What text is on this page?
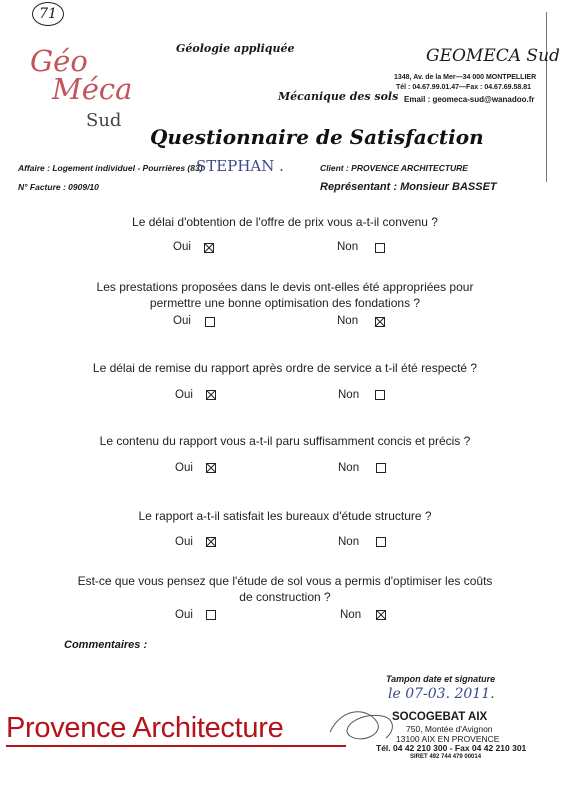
71
Géo
Méca
Sud
Géologie appliquée
Mécanique des sols
GEOMECA Sud
1348, Av. de la Mer—34 000 MONTPELLIER
Tél : 04.67.99.01.47—Fax : 04.67.69.58.81
Email : geomeca-sud@wanadoo.fr
Questionnaire de Satisfaction
Affaire : Logement individuel - Pourrières (83)
STEPHAN .
N° Facture : 0909/10
Client : PROVENCE ARCHITECTURE
Représentant : Monsieur BASSET
Le délai d'obtention de l'offre de prix vous a-t-il convenu ?
Oui	Non
Les prestations proposées dans le devis ont-elles été appropriées pour permettre une bonne optimisation des fondations ?
Oui	Non
Le délai de remise du rapport après ordre de service a t-il été respecté ?
Oui	Non
Le contenu du rapport vous a-t-il paru suffisamment concis et précis ?
Oui	Non
Le rapport a-t-il satisfait les bureaux d'étude structure ?
Oui	Non
Est-ce que vous pensez que l'étude de sol vous a permis d'optimiser les coûts de construction ?
Oui	Non
Commentaires :
Tampon date et signature
le 07-03. 2011.
Provence Architecture	SOCOGEBAT AIX
750, Montée d'Avignon
13100 AIX EN PROVENCE
Tél. 04 42 210 300 - Fax 04 42 210 301
SIRET 492 744 479 00014
